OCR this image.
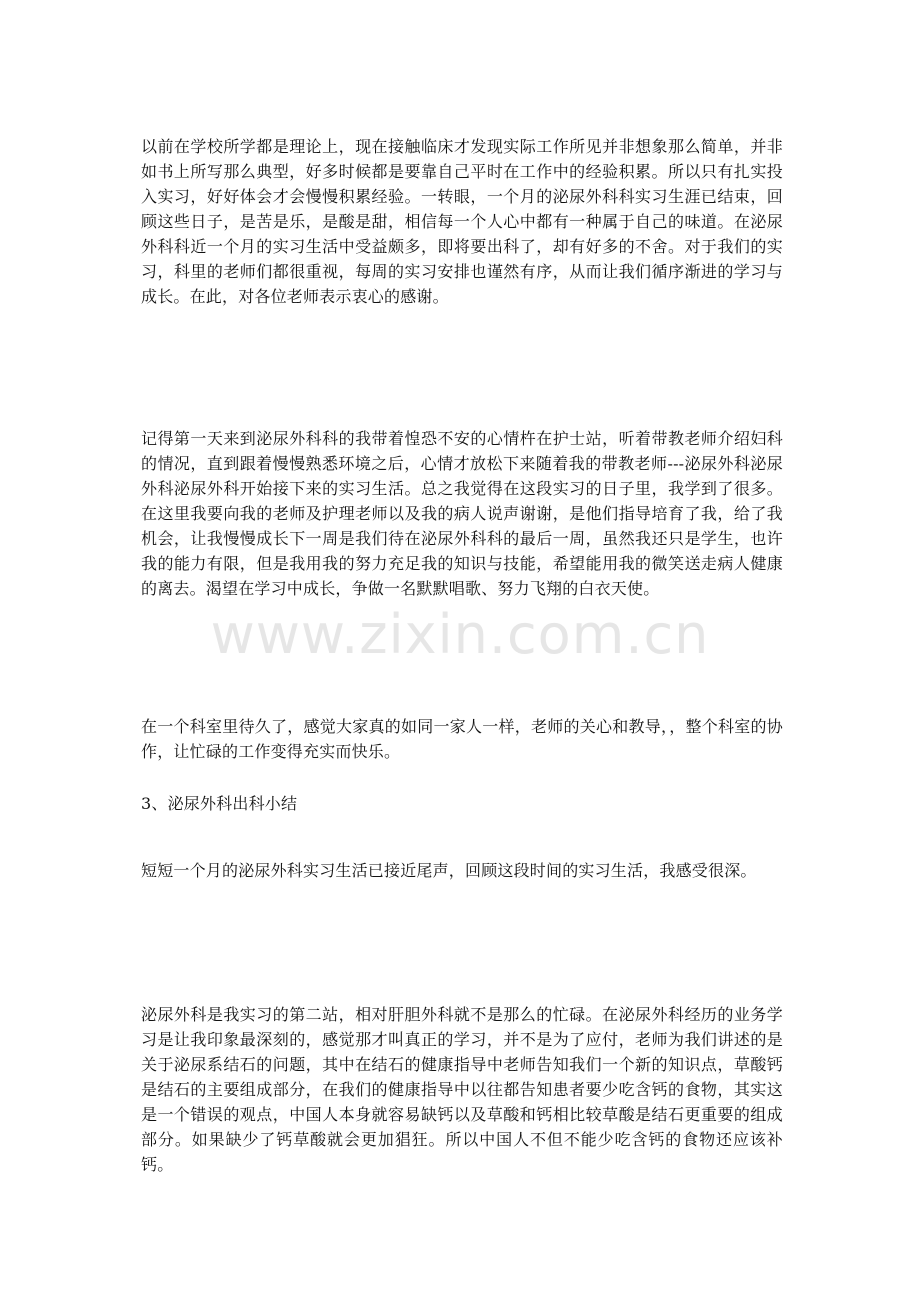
以前在学校所学都是理论上，现在接触临床才发现实际工作所见并非想象那么简单，并非如书上所写那么典型，好多时候都是要靠自己平时在工作中的经验积累。所以只有扎实投入实习，好好体会才会慢慢积累经验。一转眼，一个月的泌尿外科科实习生涯已结束，回顾这些日子，是苦是乐，是酸是甜，相信每一个人心中都有一种属于自己的味道。在泌尿外科科近一个月的实习生活中受益颇多，即将要出科了，却有好多的不舍。对于我们的实习，科里的老师们都很重视，每周的实习安排也谨然有序，从而让我们循序渐进的学习与成长。在此，对各位老师表示衷心的感谢。

记得第一天来到泌尿外科科的我带着惶恐不安的心情杵在护士站，听着带教老师介绍妇科的情况，直到跟着慢慢熟悉环境之后，心情才放松下来随着我的带教老师---泌尿外科泌尿外科泌尿外科开始接下来的实习生活。总之我觉得在这段实习的日子里，我学到了很多。在这里我要向我的老师及护理老师以及我的病人说声谢谢，是他们指导培育了我，给了我机会，让我慢慢成长下一周是我们待在泌尿外科科的最后一周，虽然我还只是学生，也许我的能力有限，但是我用我的努力充足我的知识与技能，希望能用我的微笑送走病人健康的离去。渴望在学习中成长，争做一名默默唱歌、努力飞翔的白衣天使。

www.zixin.com.cn

在一个科室里待久了，感觉大家真的如同一家人一样，老师的关心和教导，，整个科室的协作，让忙碌的工作变得充实而快乐。

3、泌尿外科出科小结

短短一个月的泌尿外科实习生活已接近尾声，回顾这段时间的实习生活，我感受很深。

泌尿外科是我实习的第二站，相对肝胆外科就不是那么的忙碌。在泌尿外科经历的业务学习是让我印象最深刻的，感觉那才叫真正的学习，并不是为了应付，老师为我们讲述的是关于泌尿系结石的问题，其中在结石的健康指导中老师告知我们一个新的知识点，草酸钙是结石的主要组成部分，在我们的健康指导中以往都告知患者要少吃含钙的食物，其实这是一个错误的观点，中国人本身就容易缺钙以及草酸和钙相比较草酸是结石更重要的组成部分。如果缺少了钙草酸就会更加猖狂。所以中国人不但不能少吃含钙的食物还应该补钙。
